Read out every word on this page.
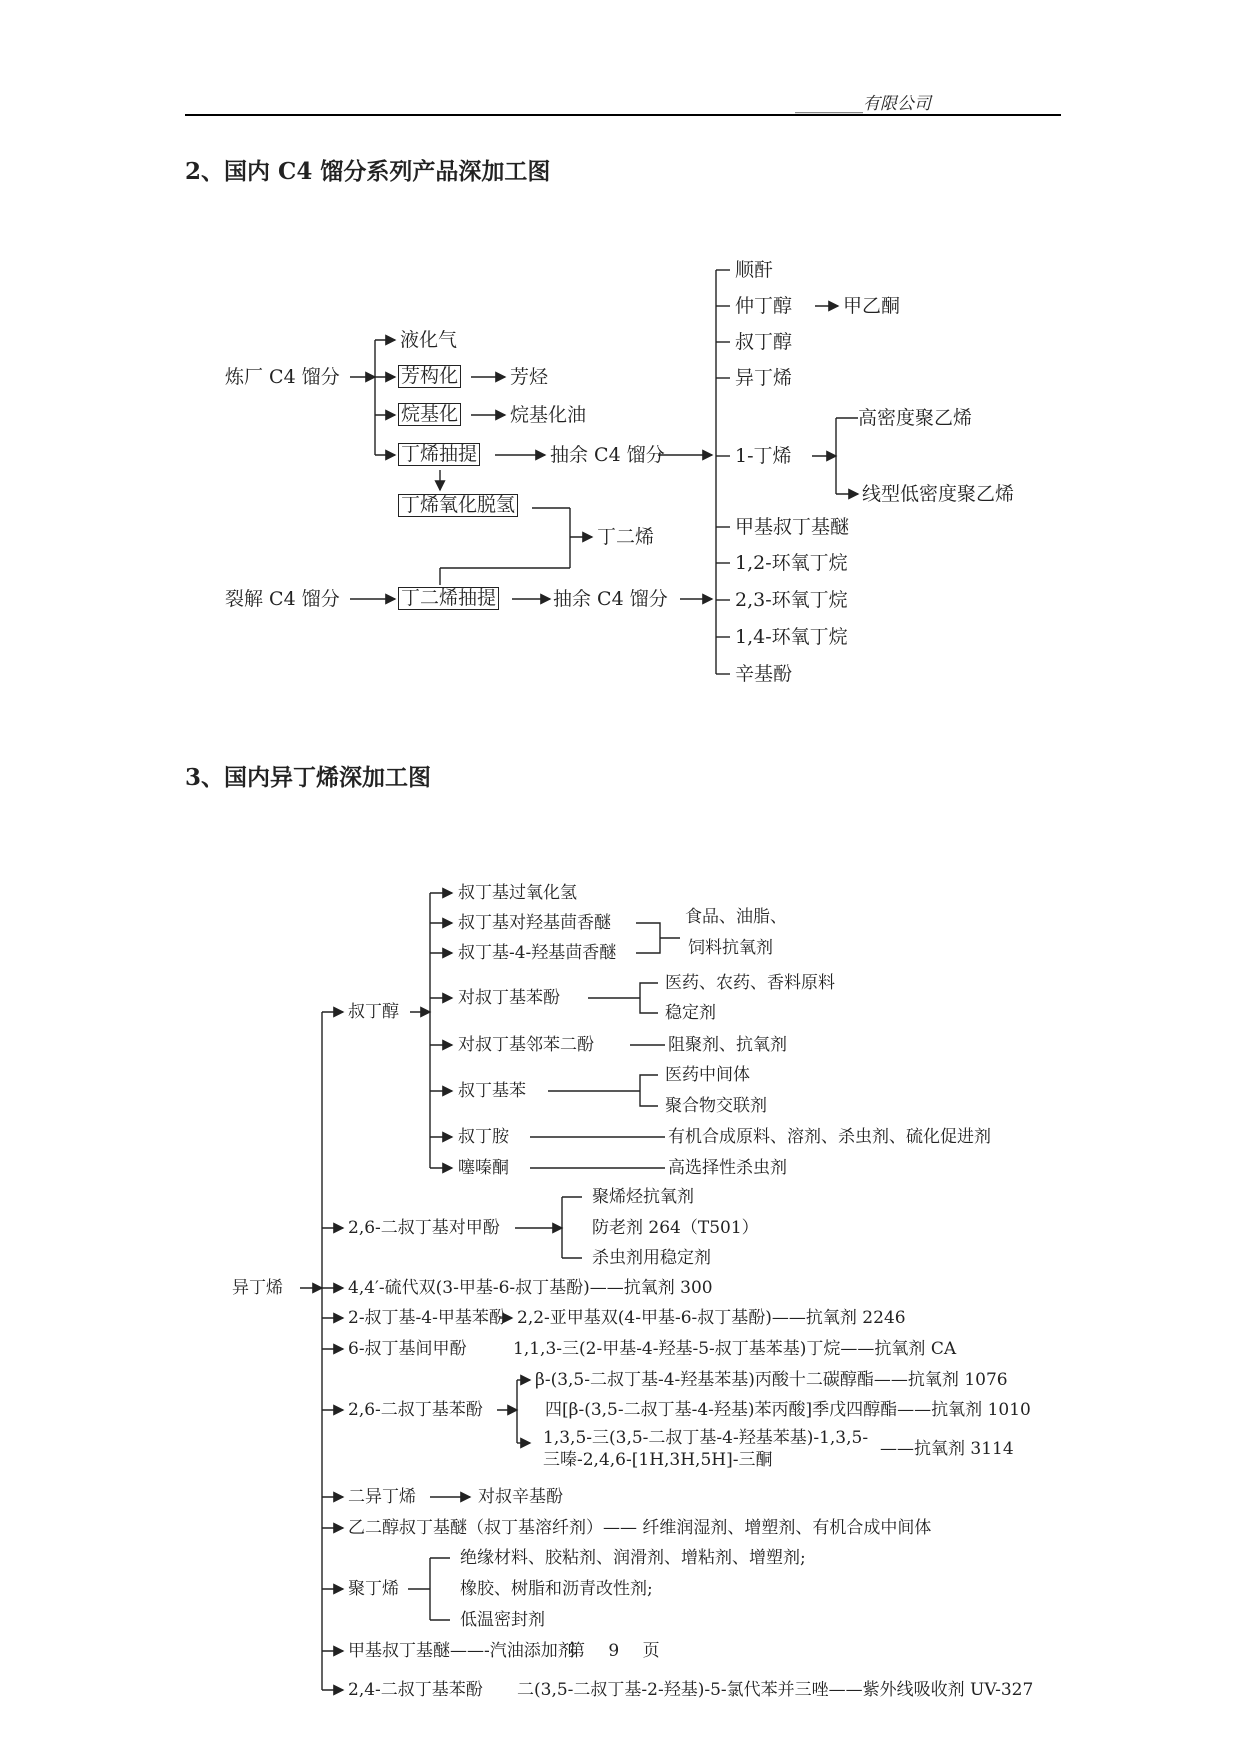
________有限公司
2、国内 C4 馏分系列产品深加工图
3、国内异丁烯深加工图
炼厂 C4 馏分
裂解 C4 馏分
液化气
芳构化	芳烃
烷基化	烷基化油
丁烯抽提	抽余 C4 馏分
丁烯氧化脱氢
丁二烯
丁二烯抽提	抽余 C4 馏分
顺酐
仲丁醇	甲乙酮
叔丁醇
异丁烯
1-丁烯
高密度聚乙烯
线型低密度聚乙烯
甲基叔丁基醚
1,2-环氧丁烷
2,3-环氧丁烷
1,4-环氧丁烷
辛基酚
异丁烯
叔丁醇
叔丁基过氧化氢
叔丁基对羟基茴香醚
叔丁基-4-羟基茴香醚
食品、油脂、
饲料抗氧剂
对叔丁基苯酚
医药、农药、香料原料
稳定剂
对叔丁基邻苯二酚	阻聚剂、抗氧剂
叔丁基苯
医药中间体
聚合物交联剂
叔丁胺	有机合成原料、溶剂、杀虫剂、硫化促进剂
噻嗪酮	高选择性杀虫剂
2,6-二叔丁基对甲酚
聚烯烃抗氧剂
防老剂 264（T501）
杀虫剂用稳定剂
4,4′-硫代双(3-甲基-6-叔丁基酚)——抗氧剂 300
2-叔丁基-4-甲基苯酚 2,2-亚甲基双(4-甲基-6-叔丁基酚)——抗氧剂 2246
6-叔丁基间甲酚	1,1,3-三(2-甲基-4-羟基-5-叔丁基苯基)丁烷——抗氧剂 CA
2,6-二叔丁基苯酚
β-(3,5-二叔丁基-4-羟基苯基)丙酸十二碳醇酯——抗氧剂 1076
四[β-(3,5-二叔丁基-4-羟基)苯丙酸]季戊四醇酯——抗氧剂 1010
1,3,5-三(3,5-二叔丁基-4-羟基苯基)-1,3,5-
三嗪-2,4,6-[1H,3H,5H]-三酮
——抗氧剂 3114
二异丁烯	对叔辛基酚
乙二醇叔丁基醚（叔丁基溶纤剂）—— 纤维润湿剂、增塑剂、有机合成中间体
聚丁烯
绝缘材料、胶粘剂、润滑剂、增粘剂、增塑剂;
橡胶、树脂和沥青改性剂;
低温密封剂
甲基叔丁基醚——-汽油添加剂
2,4-二叔丁基苯酚 二(3,5-二叔丁基-2-羟基)-5-氯代苯并三唑——紫外线吸收剂 UV-327
第 9 页
